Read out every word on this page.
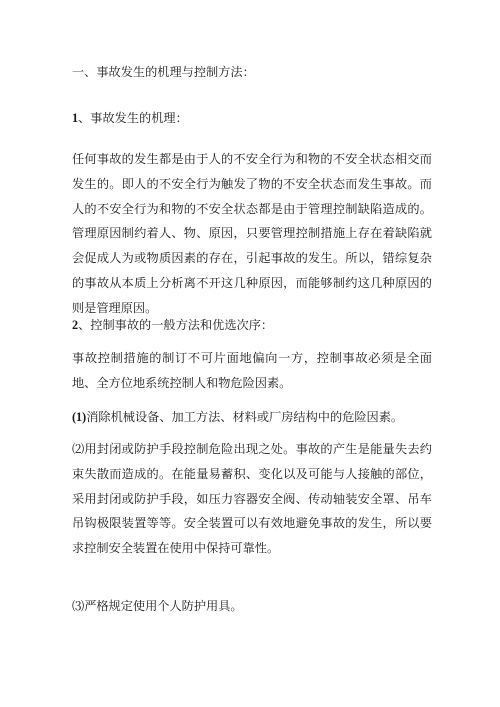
一、事故发生的机理与控制方法：

1、事故发生的机理：

任何事故的发生都是由于人的不安全行为和物的不安全状态相交而发生的。即人的不安全行为触发了物的不安全状态而发生事故。而人的不安全行为和物的不安全状态都是由于管理控制缺陷造成的。管理原因制约着人、物、原因，只要管理控制措施上存在着缺陷就会促成人为或物质因素的存在，引起事故的发生。所以，错综复杂的事故从本质上分析离不开这几种原因，而能够制约这几种原因的则是管理原因。

2、控制事故的一般方法和优选次序：

事故控制措施的制订不可片面地偏向一方，控制事故必须是全面地、全方位地系统控制人和物危险因素。

(1)消除机械设备、加工方法、材料或厂房结构中的危险因素。

⑵用封闭或防护手段控制危险出现之处。事故的产生是能量失去约束失散而造成的。在能量易蓄积、变化以及可能与人接触的部位，采用封闭或防护手段，如压力容器安全阀、传动轴装安全罩、吊车吊钩极限装置等等。安全装置可以有效地避免事故的发生，所以要求控制安全装置在使用中保持可靠性。

⑶严格规定使用个人防护用具。
